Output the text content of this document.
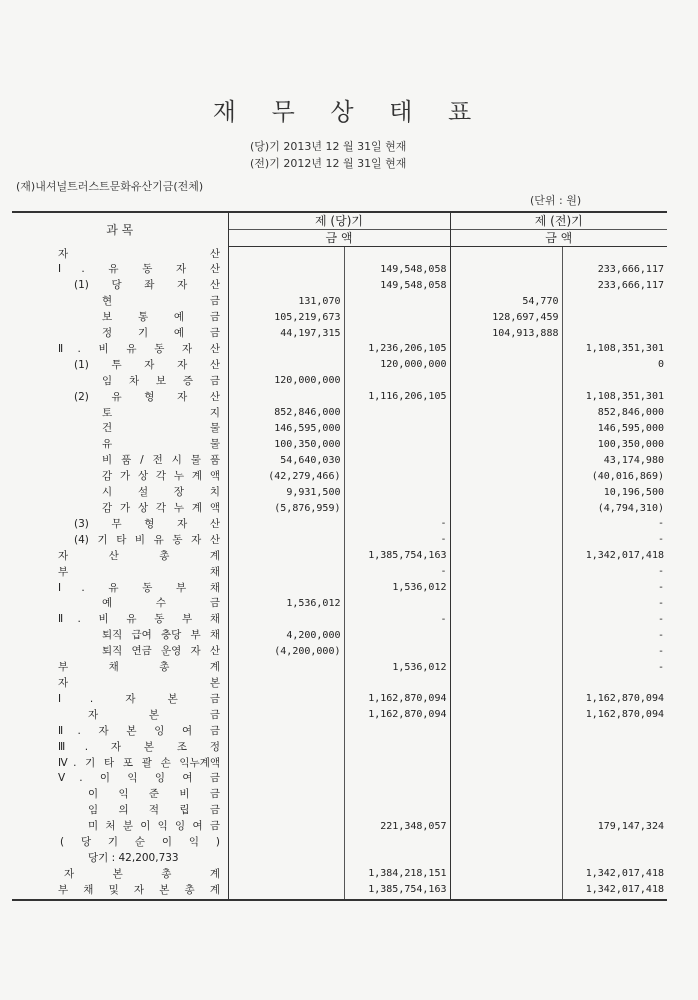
재 무 상 태 표
(당)기 2013년 12 월 31일 현재
(전)기 2012년 12 월 31일 현재
(재)내셔널트러스트문화유산기금(전체)
(단위 : 원)
과 목	제 (당)기		제 (전)기	
	금 액		금 액	
자 산				
Ⅰ. 유 동 자 산		149,548,058		233,666,117
(1) 당 좌 자 산		149,548,058		233,666,117
현 금	131,070		54,770	
보 통 예 금	105,219,673		128,697,459	
정 기 예 금	44,197,315		104,913,888	
Ⅱ. 비 유 동 자 산		1,236,206,105		1,108,351,301
(1) 투 자 자 산		120,000,000		0
임 차 보 증 금	120,000,000			
(2) 유 형 자 산		1,116,206,105		1,108,351,301
토 지	852,846,000			852,846,000
건 물	146,595,000			146,595,000
유 물	100,350,000			100,350,000
비 품 / 전 시 물 품	54,640,030			43,174,980
감 가 상 각 누 계 액	(42,279,466)			(40,016,869)
시 설 장 치	9,931,500			10,196,500
감 가 상 각 누 계 액	(5,876,959)			(4,794,310)
(3) 무 형 자 산		-		-
(4) 기 타 비 유 동 자 산		-		-
자 산 총 계		1,385,754,163		1,342,017,418
부 채		-		-
Ⅰ. 유 동 부 채		1,536,012		-
예 수 금	1,536,012			-
Ⅱ. 비 유 동 부 채		-		-
퇴직 급여 충당 부 채	4,200,000			-
퇴직 연금 운영 자 산	(4,200,000)			-
부 채 총 계		1,536,012		-
자 본				
Ⅰ. 자 본 금		1,162,870,094		1,162,870,094
자 본 금		1,162,870,094		1,162,870,094
Ⅱ. 자 본 잉 여 금				
Ⅲ. 자 본 조 정				
Ⅳ. 기 타 포 괄 손 익누계액				
Ⅴ. 이 익 잉 여 금				
이 익 준 비 금				
임 의 적 립 금				
미 처 분 이 익 잉 여 금		221,348,057		179,147,324
( 당 기 순 이 익 )				
당기 : 42,200,733				
자 본 총 계		1,384,218,151		1,342,017,418
부 채 및 자 본 총 계		1,385,754,163		1,342,017,418
